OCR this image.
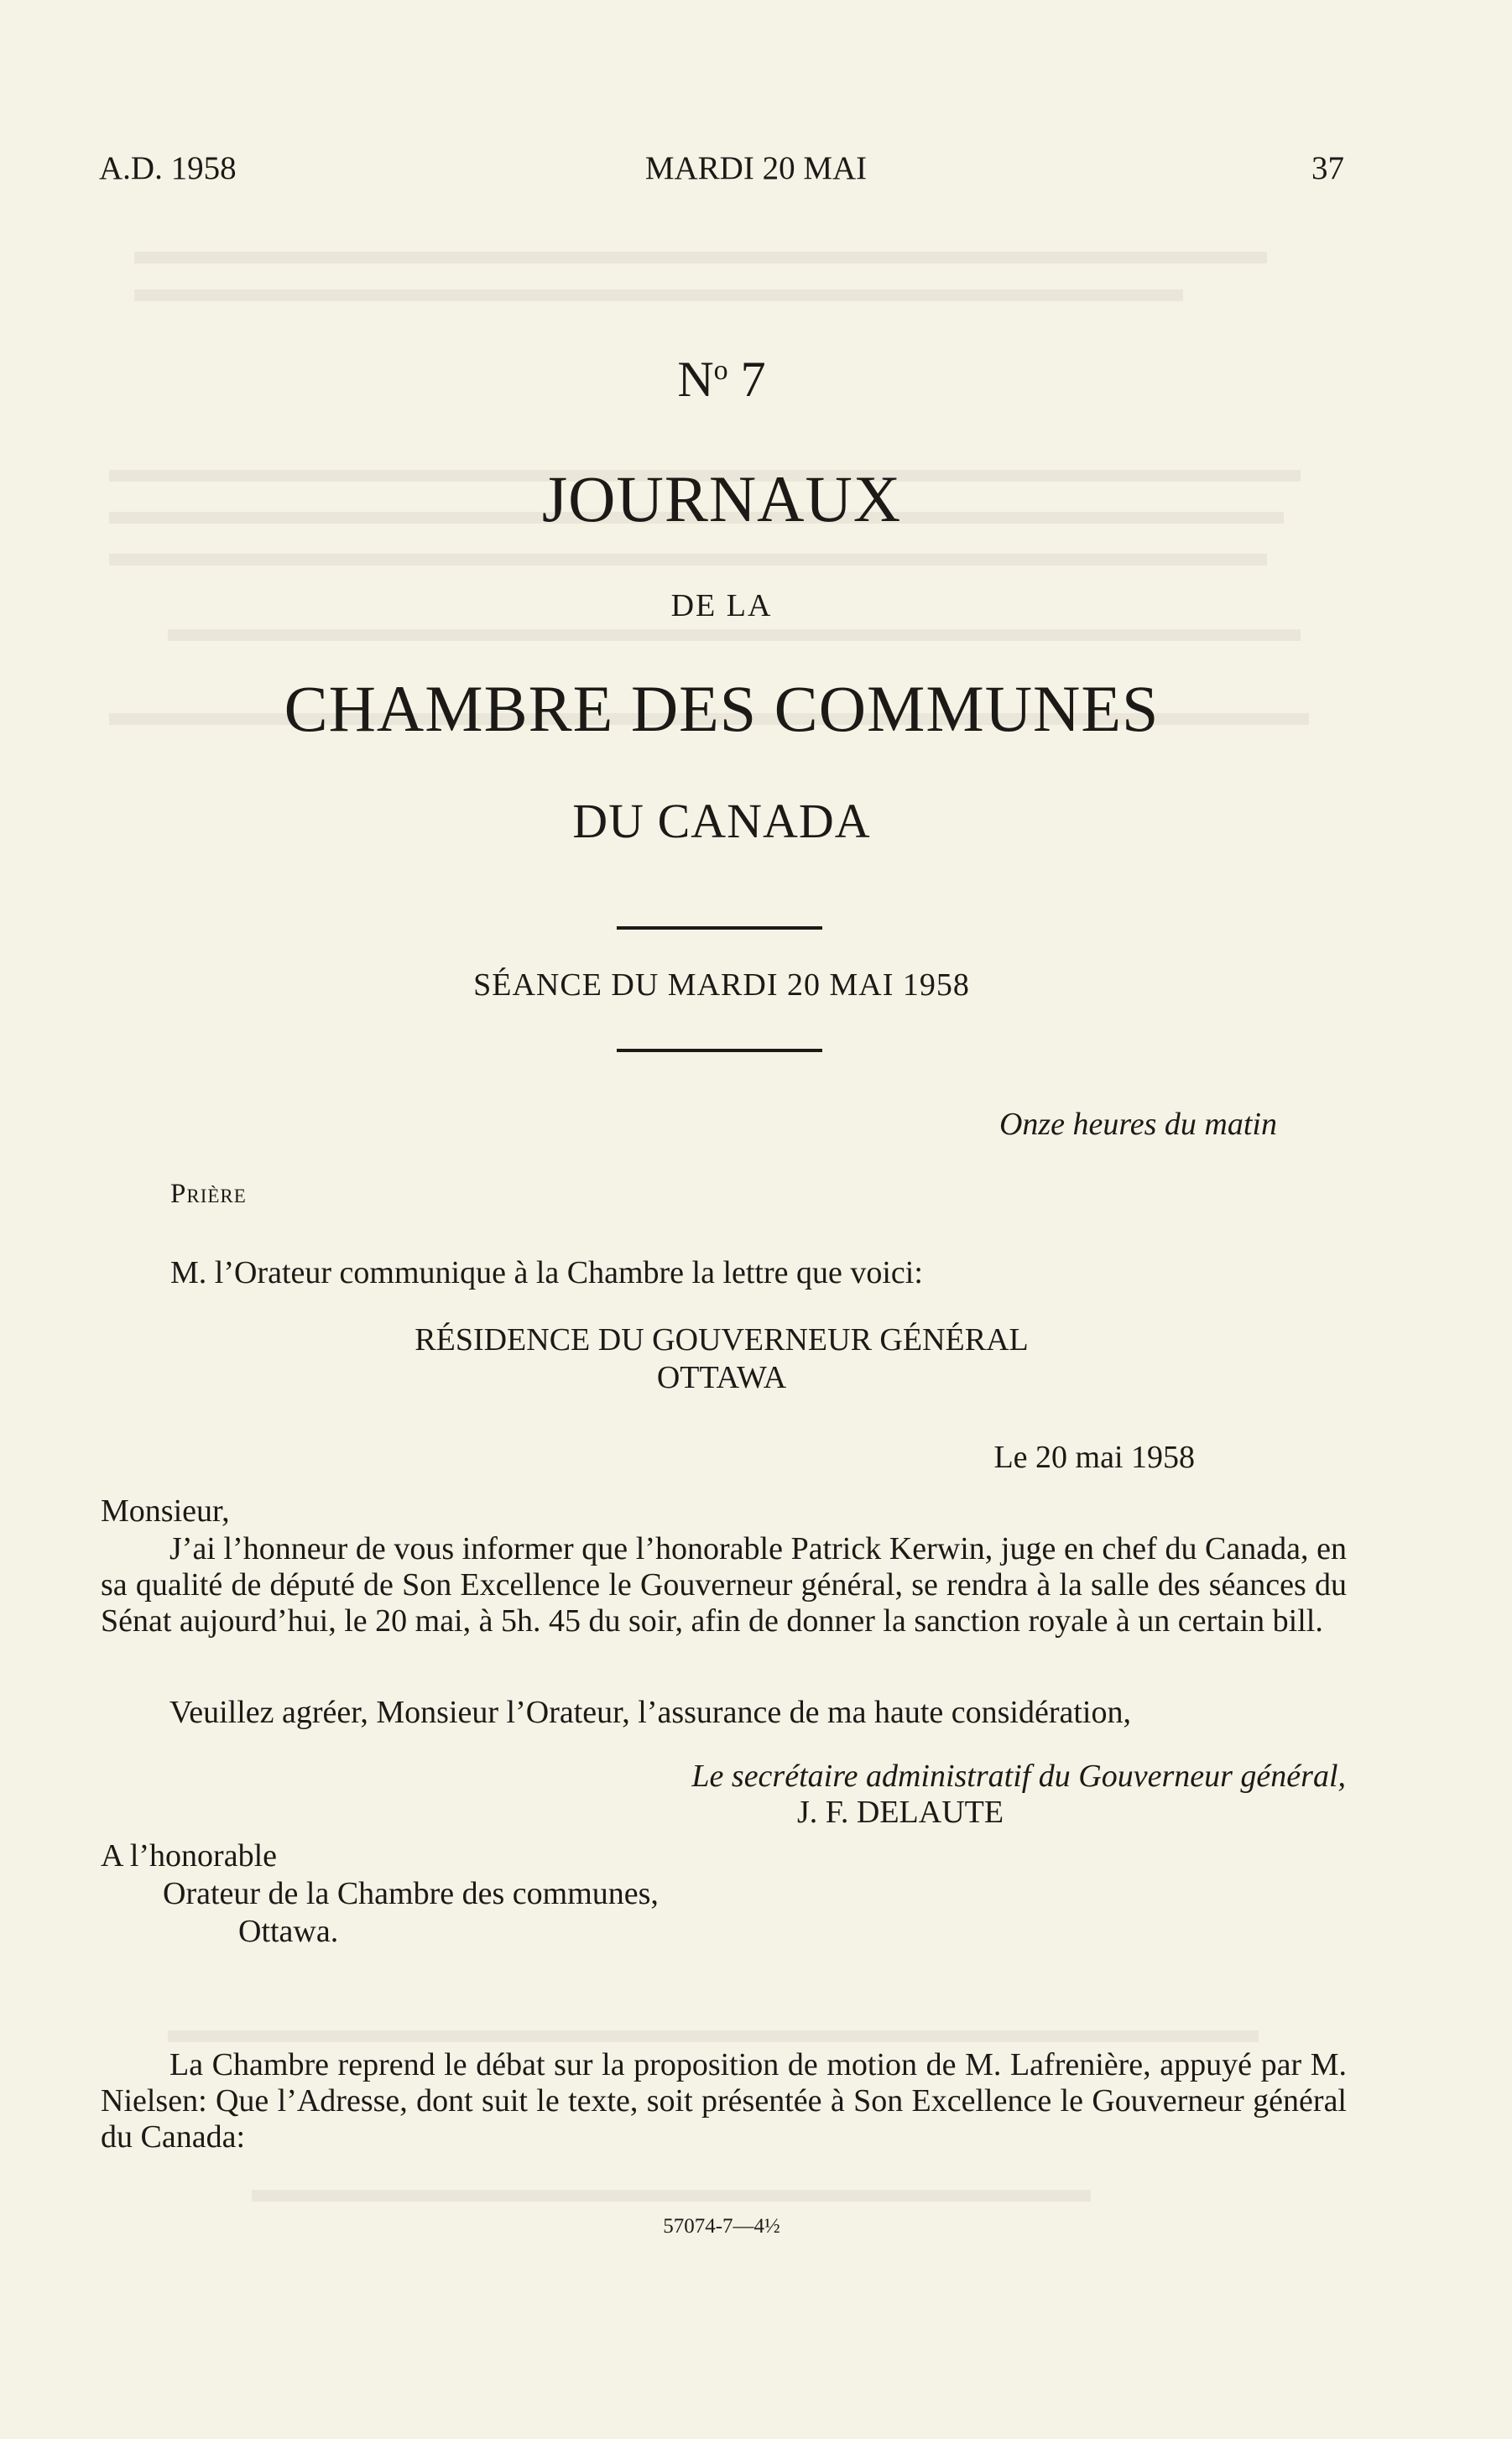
A.D. 1958	MARDI 20 MAI	37
$N^o$ 7
JOURNAUX
DE LA
CHAMBRE DES COMMUNES
DU CANADA
SÉANCE DU MARDI 20 MAI 1958
Onze heures du matin
Prière
M. l’Orateur communique à la Chambre la lettre que voici:
RÉSIDENCE DU GOUVERNEUR GÉNÉRAL
OTTAWA
Le 20 mai 1958
Monsieur,
J’ai l’honneur de vous informer que l’honorable Patrick Kerwin, juge en chef du Canada, en sa qualité de député de Son Excellence le Gouverneur général, se rendra à la salle des séances du Sénat aujourd’hui, le 20 mai, à 5h. 45 du soir, afin de donner la sanction royale à un certain bill.
Veuillez agréer, Monsieur l’Orateur, l’assurance de ma haute considération,
Le secrétaire administratif du Gouverneur général,
J. F. DELAUTE
A l’honorable
Orateur de la Chambre des communes,
Ottawa.
La Chambre reprend le débat sur la proposition de motion de M. Lafrenière, appuyé par M. Nielsen: Que l’Adresse, dont suit le texte, soit présentée à Son Excellence le Gouverneur général du Canada:
57074-7—4½
